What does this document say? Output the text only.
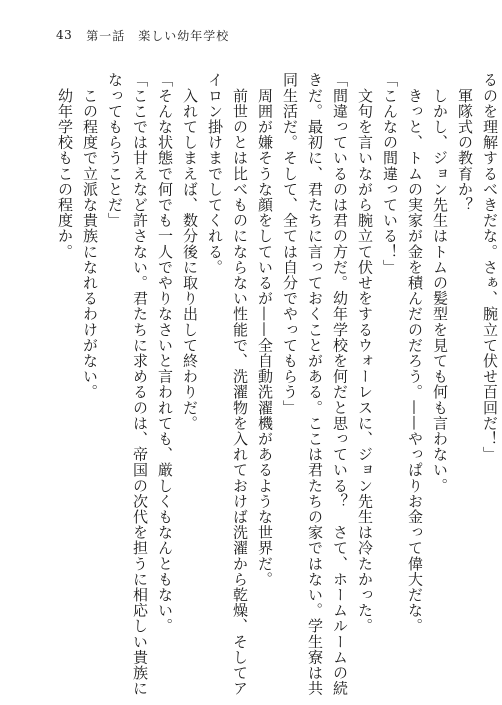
43 第一話　楽しい幼年学校
るのを理解するべきだな。さぁ、腕立て伏せ百回だ！」
　軍隊式の教育か？
　しかし、ジョン先生はトムの髪型を見ても何も言わない。
　きっと、トムの実家が金を積んだのだろう。——やっぱりお金って偉大だな。
「こんなの間違っている！」
　文句を言いながら腕立て伏せをするウォーレスに、ジョン先生は冷たかった。
「間違っているのは君の方だ。幼年学校を何だと思っている？　さて、ホームルームの続
きだ。最初に、君たちに言っておくことがある。ここは君たちの家ではない。学生寮は共
同生活だ。そして、全ては自分でやってもらう」
　周囲が嫌そうな顔をしているが——全自動洗濯機があるような世界だ。
　前世のとは比べものにならない性能で、洗濯物を入れておけば洗濯から乾燥、そしてア
イロン掛けまでしてくれる。
　入れてしまえば、数分後に取り出して終わりだ。
「そんな状態で何でも一人でやりなさいと言われても、厳しくもなんともない。
「ここでは甘えなど許さない。君たちに求めるのは、帝国の次代を担うに相応しい貴族に
なってもらうことだ」
　この程度で立派な貴族になれるわけがない。
　幼年学校もこの程度か。
